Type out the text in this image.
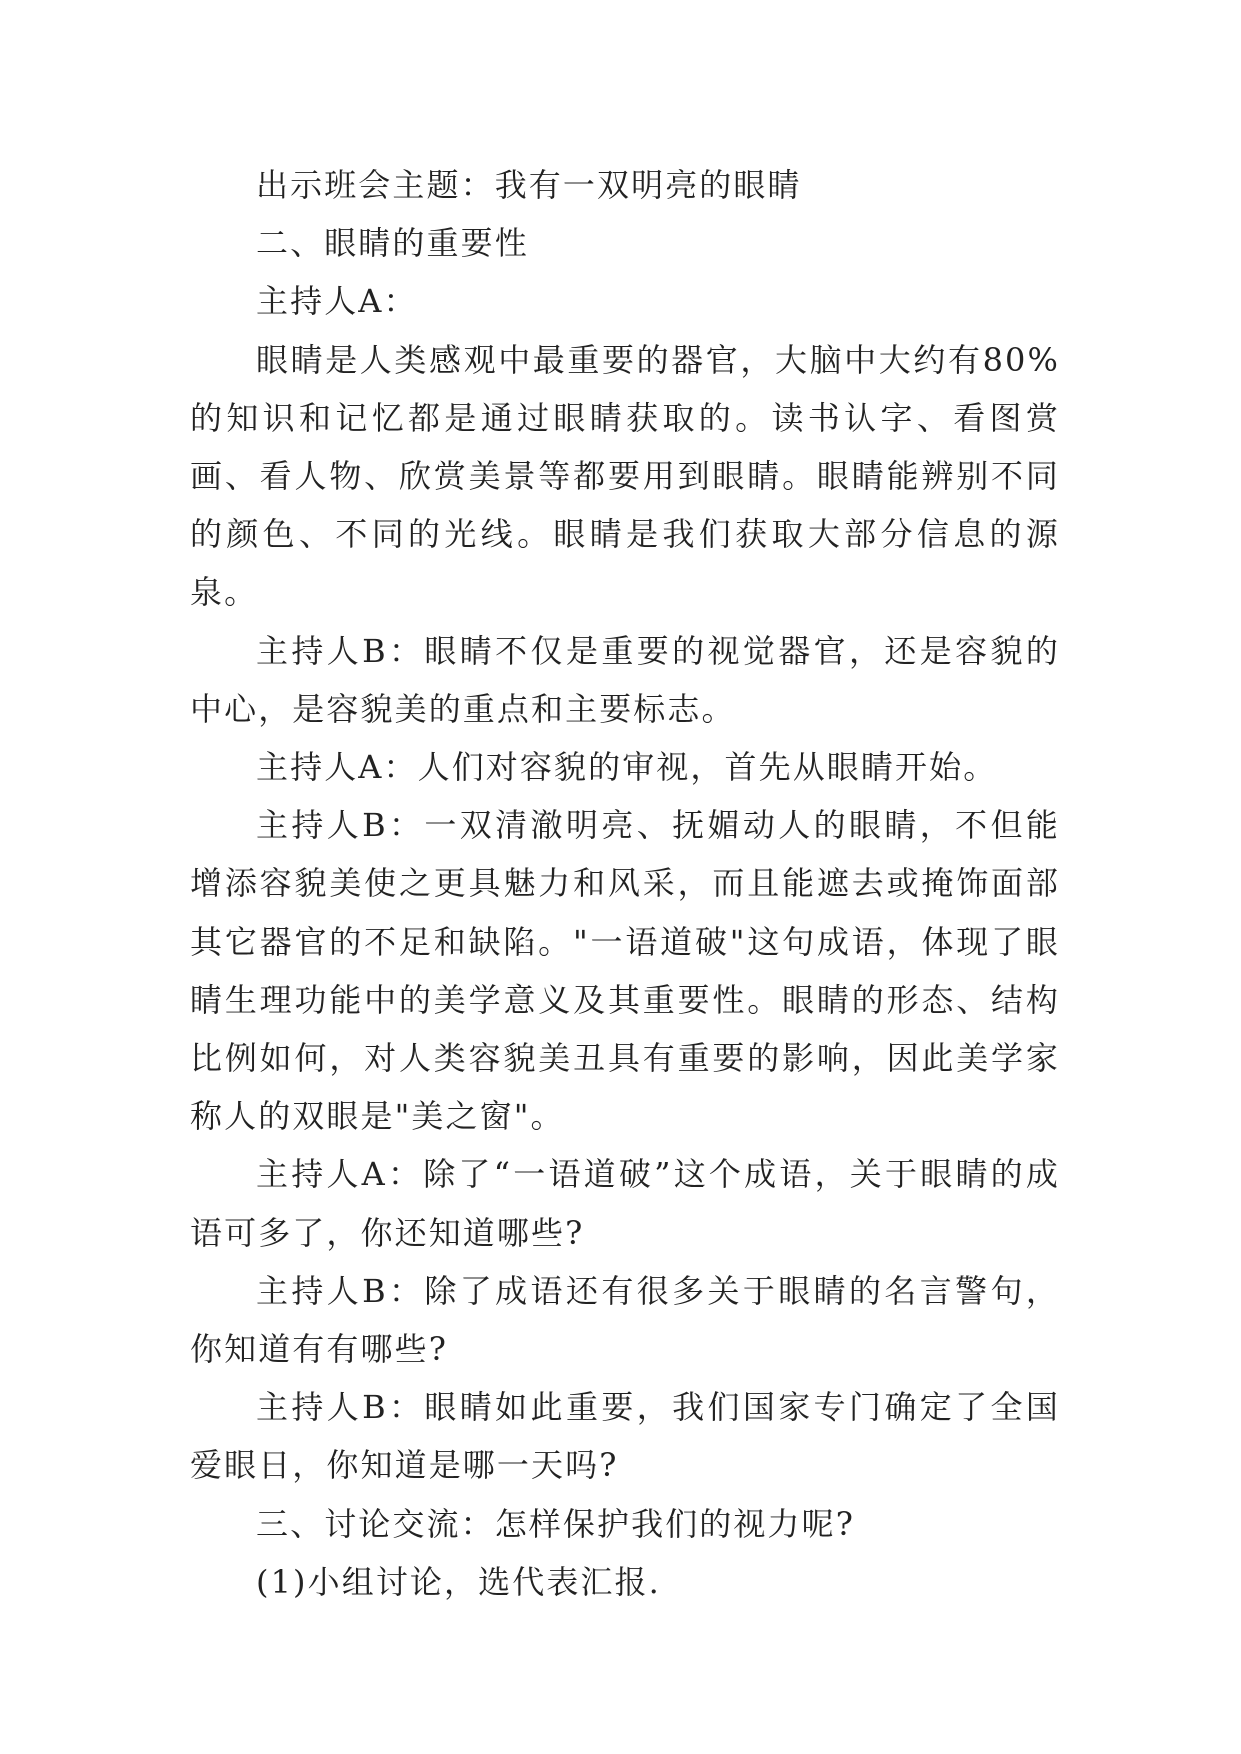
出示班会主题：我有一双明亮的眼睛

二、眼睛的重要性

主持人A：

眼睛是人类感观中最重要的器官，大脑中大约有80%的知识和记忆都是通过眼睛获取的。读书认字、看图赏画、看人物、欣赏美景等都要用到眼睛。眼睛能辨别不同的颜色、不同的光线。眼睛是我们获取大部分信息的源泉。

主持人B：眼睛不仅是重要的视觉器官，还是容貌的中心，是容貌美的重点和主要标志。

主持人A：人们对容貌的审视，首先从眼睛开始。

主持人B：一双清澈明亮、抚媚动人的眼睛，不但能增添容貌美使之更具魅力和风采，而且能遮去或掩饰面部其它器官的不足和缺陷。"一语道破"这句成语，体现了眼睛生理功能中的美学意义及其重要性。眼睛的形态、结构比例如何，对人类容貌美丑具有重要的影响，因此美学家称人的双眼是"美之窗"。

主持人A：除了“一语道破”这个成语，关于眼睛的成语可多了，你还知道哪些?

主持人B：除了成语还有很多关于眼睛的名言警句，你知道有有哪些?

主持人B：眼睛如此重要，我们国家专门确定了全国爱眼日，你知道是哪一天吗?

三、讨论交流：怎样保护我们的视力呢?

(1)小组讨论，选代表汇报.
